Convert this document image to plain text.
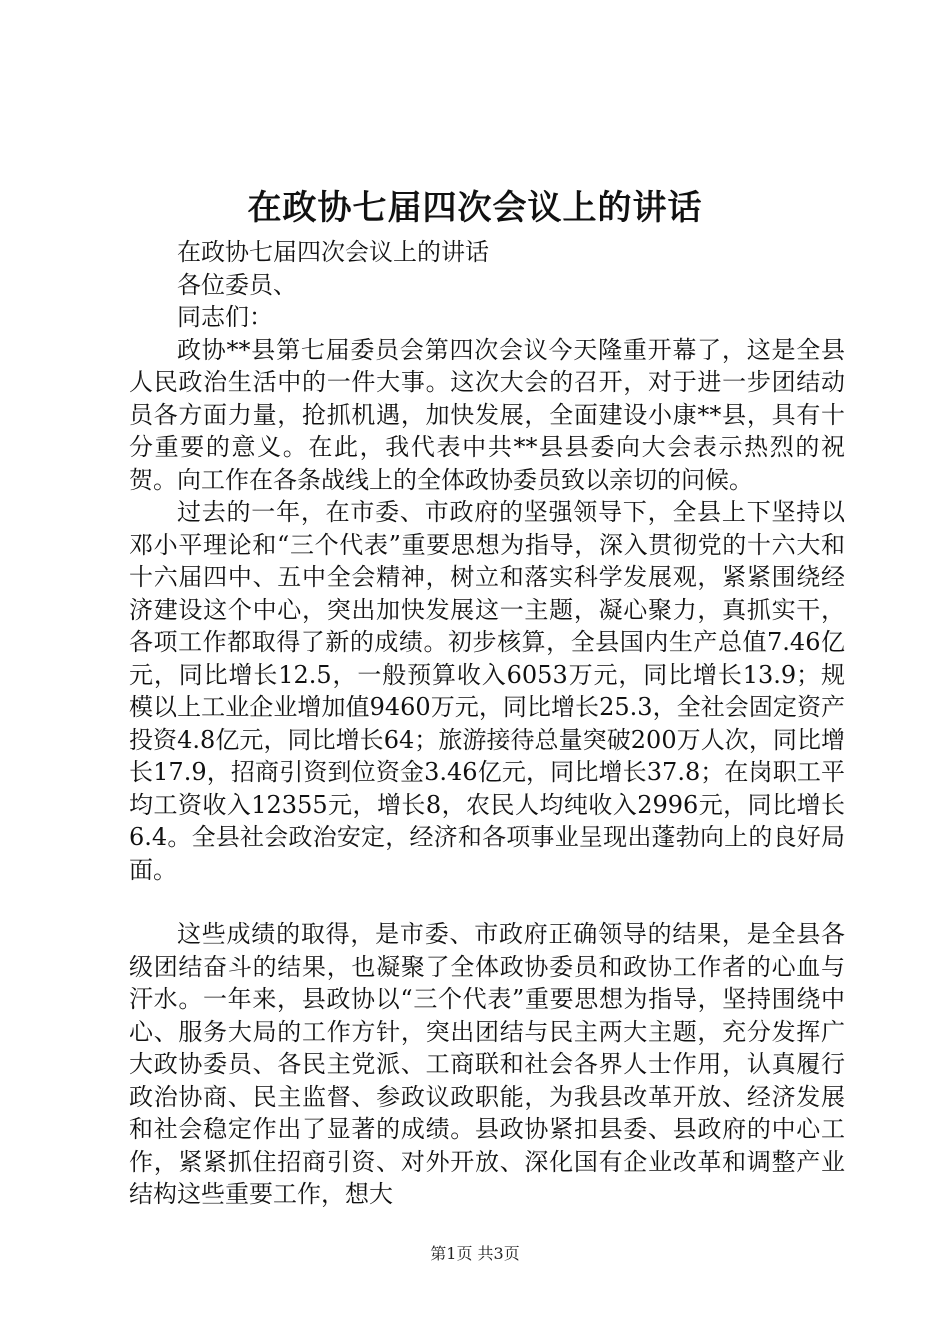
在政协七届四次会议上的讲话

在政协七届四次会议上的讲话

各位委员、

同志们：

政协**县第七届委员会第四次会议今天隆重开幕了，这是全县人民政治生活中的一件大事。这次大会的召开，对于进一步团结动员各方面力量，抢抓机遇，加快发展，全面建设小康**县，具有十分重要的意义。在此，我代表中共**县县委向大会表示热烈的祝贺。向工作在各条战线上的全体政协委员致以亲切的问候。

过去的一年，在市委、市政府的坚强领导下，全县上下坚持以邓小平理论和“三个代表”重要思想为指导，深入贯彻党的十六大和十六届四中、五中全会精神，树立和落实科学发展观，紧紧围绕经济建设这个中心，突出加快发展这一主题，凝心聚力，真抓实干，各项工作都取得了新的成绩。初步核算，全县国内生产总值7.46亿元，同比增长12.5，一般预算收入6053万元，同比增长13.9；规模以上工业企业增加值9460万元，同比增长25.3，全社会固定资产投资4.8亿元，同比增长64；旅游接待总量突破200万人次，同比增长17.9，招商引资到位资金3.46亿元，同比增长37.8；在岗职工平均工资收入12355元，增长8，农民人均纯收入2996元，同比增长6.4。全县社会政治安定，经济和各项事业呈现出蓬勃向上的良好局面。

这些成绩的取得，是市委、市政府正确领导的结果，是全县各级团结奋斗的结果，也凝聚了全体政协委员和政协工作者的心血与汗水。一年来，县政协以“三个代表”重要思想为指导，坚持围绕中心、服务大局的工作方针，突出团结与民主两大主题，充分发挥广大政协委员、各民主党派、工商联和社会各界人士作用，认真履行政治协商、民主监督、参政议政职能，为我县改革开放、经济发展和社会稳定作出了显著的成绩。县政协紧扣县委、县政府的中心工作，紧紧抓住招商引资、对外开放、深化国有企业改革和调整产业结构这些重要工作，想大

第1页 共3页
